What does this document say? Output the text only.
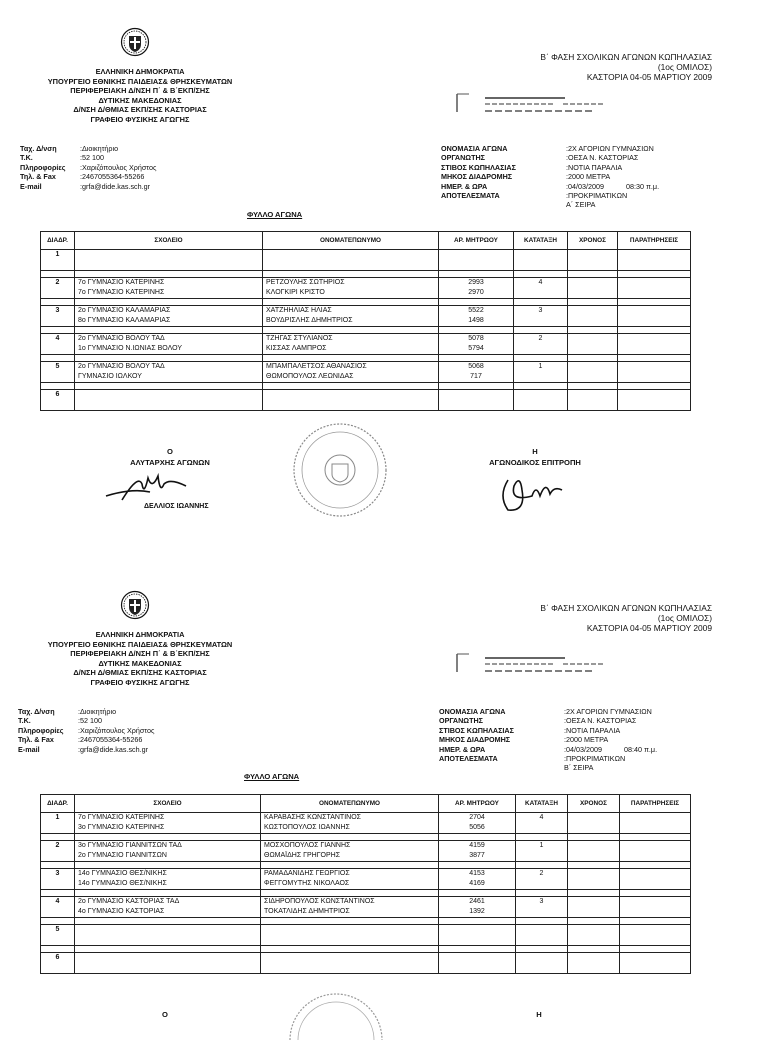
ΕΛΛΗΝΙΚΗ ΔΗΜΟΚΡΑΤΙΑ
ΥΠΟΥΡΓΕΙΟ ΕΘΝΙΚΗΣ ΠΑΙΔΕΙΑΣ& ΘΡΗΣΚΕΥΜΑΤΩΝ
ΠΕΡΙΦΕΡΕΙΑΚΗ Δ/ΝΣΗ Π΄ & Β΄ΕΚΠ/ΣΗΣ
ΔΥΤΙΚΗΣ ΜΑΚΕΔΟΝΙΑΣ
Δ/ΝΣΗ Δ/ΘΜΙΑΣ ΕΚΠ/ΣΗΣ ΚΑΣΤΟΡΙΑΣ
ΓΡΑΦΕΙΟ ΦΥΣΙΚΗΣ ΑΓΩΓΗΣ
Β΄ ΦΑΣΗ ΣΧΟΛΙΚΩΝ ΑΓΩΝΩΝ ΚΩΠΗΛΑΣΙΑΣ
(1ος ΟΜΙΛΟΣ)
ΚΑΣΤΟΡΙΑ 04-05 ΜΑΡΤΙΟΥ 2009
Ταχ. Δ/νση	:Διοικητήριο
Τ.Κ.	:52 100
Πληροφορίες	:Χαριζόπουλος Χρήστος
Τηλ. & Fax	:2467055364-55266
E-mail	:grfa@dide.kas.sch.gr
ΟΝΟΜΑΣΙΑ ΑΓΩΝΑ	:2Χ ΑΓΟΡΙΩΝ ΓΥΜΝΑΣΙΩΝ
ΟΡΓΑΝΩΤΗΣ	:ΟΕΣΑ Ν. ΚΑΣΤΟΡΙΑΣ
ΣΤΙΒΟΣ ΚΩΠΗΛΑΣΙΑΣ	:ΝΟΤΙΑ ΠΑΡΑΛΙΑ
ΜΗΚΟΣ ΔΙΑΔΡΟΜΗΣ	:2000 ΜΕΤΡΑ
ΗΜΕΡ. & ΩΡΑ	:04/03/2009	08:30 π.μ.
ΑΠΟΤΕΛΕΣΜΑΤΑ	:ΠΡΟΚΡΙΜΑΤΙΚΩΝ
Α΄ ΣΕΙΡΑ
ΦΥΛΛΟ ΑΓΩΝΑ
ΔΙΑΔΡ.	ΣΧΟΛΕΙΟ	ΟΝΟΜΑΤΕΠΩΝΥΜΟ	ΑΡ. ΜΗΤΡΩΟΥ	ΚΑΤΑΤΑΞΗ	ΧΡΟΝΟΣ	ΠΑΡΑΤΗΡΗΣΕΙΣ
1						

2	7ο ΓΥΜΝΑΣΙΟ ΚΑΤΕΡΙΝΗΣ	ΡΕΤΖΟΥΛΗΣ ΣΩΤΗΡΙΟΣ	2993	4		
	7ο ΓΥΜΝΑΣΙΟ ΚΑΤΕΡΙΝΗΣ	ΚΛΟΓΚΙΡΙ ΚΡΙΣΤΟ	2970			

3	2ο ΓΥΜΝΑΣΙΟ ΚΑΛΑΜΑΡΙΑΣ	ΧΑΤΖΗΗΛΙΑΣ ΗΛΙΑΣ	5522	3		
	8ο ΓΥΜΝΑΣΙΟ ΚΑΛΑΜΑΡΙΑΣ	ΒΟΥΔΡΙΣΛΗΣ ΔΗΜΗΤΡΙΟΣ	1498			

4	2ο ΓΥΜΝΑΣΙΟ ΒΟΛΟΥ ΤΑΔ	ΤΖΗΓΑΣ ΣΤΥΛΙΑΝΟΣ	5078	2		
	1ο ΓΥΜΝΑΣΙΟ Ν.ΙΩΝΙΑΣ ΒΟΛΟΥ	ΚΙΣΣΑΣ ΛΑΜΠΡΟΣ	5794			

5	2ο ΓΥΜΝΑΣΙΟ ΒΟΛΟΥ ΤΑΔ	ΜΠΑΜΠΑΛΕΤΣΟΣ ΑΘΑΝΑΣΙΟΣ	5068	1		
	ΓΥΜΝΑΣΙΟ ΙΩΛΚΟΥ	ΘΩΜΟΠΟΥΛΟΣ ΛΕΩΝΙΔΑΣ	717			

6						

Ο
ΑΛΥΤΑΡΧΗΣ ΑΓΩΝΩΝ
ΔΕΛΛΙΟΣ ΙΩΑΝΝΗΣ
Η
ΑΓΩΝΟΔΙΚΟΣ ΕΠΙΤΡΟΠΗ
ΕΛΛΗΝΙΚΗ ΔΗΜΟΚΡΑΤΙΑ
ΥΠΟΥΡΓΕΙΟ ΕΘΝΙΚΗΣ ΠΑΙΔΕΙΑΣ& ΘΡΗΣΚΕΥΜΑΤΩΝ
ΠΕΡΙΦΕΡΕΙΑΚΗ Δ/ΝΣΗ Π΄ & Β΄ΕΚΠ/ΣΗΣ
ΔΥΤΙΚΗΣ ΜΑΚΕΔΟΝΙΑΣ
Δ/ΝΣΗ Δ/ΘΜΙΑΣ ΕΚΠ/ΣΗΣ ΚΑΣΤΟΡΙΑΣ
ΓΡΑΦΕΙΟ ΦΥΣΙΚΗΣ ΑΓΩΓΗΣ
Β΄ ΦΑΣΗ ΣΧΟΛΙΚΩΝ ΑΓΩΝΩΝ ΚΩΠΗΛΑΣΙΑΣ
(1ος ΟΜΙΛΟΣ)
ΚΑΣΤΟΡΙΑ 04-05 ΜΑΡΤΙΟΥ 2009
Ταχ. Δ/νση	:Διοικητήριο
Τ.Κ.	:52 100
Πληροφορίες	:Χαριζόπουλος Χρήστος
Τηλ. & Fax	:2467055364-55266
E-mail	:grfa@dide.kas.sch.gr
ΟΝΟΜΑΣΙΑ ΑΓΩΝΑ	:2Χ ΑΓΟΡΙΩΝ ΓΥΜΝΑΣΙΩΝ
ΟΡΓΑΝΩΤΗΣ	:ΟΕΣΑ Ν. ΚΑΣΤΟΡΙΑΣ
ΣΤΙΒΟΣ ΚΩΠΗΛΑΣΙΑΣ	:ΝΟΤΙΑ ΠΑΡΑΛΙΑ
ΜΗΚΟΣ ΔΙΑΔΡΟΜΗΣ	:2000 ΜΕΤΡΑ
ΗΜΕΡ. & ΩΡΑ	:04/03/2009	08:40 π.μ.
ΑΠΟΤΕΛΕΣΜΑΤΑ	:ΠΡΟΚΡΙΜΑΤΙΚΩΝ
Β΄ ΣΕΙΡΑ
ΦΥΛΛΟ ΑΓΩΝΑ
ΔΙΑΔΡ.	ΣΧΟΛΕΙΟ	ΟΝΟΜΑΤΕΠΩΝΥΜΟ	ΑΡ. ΜΗΤΡΩΟΥ	ΚΑΤΑΤΑΞΗ	ΧΡΟΝΟΣ	ΠΑΡΑΤΗΡΗΣΕΙΣ
1	7ο ΓΥΜΝΑΣΙΟ ΚΑΤΕΡΙΝΗΣ	ΚΑΡΑΒΑΣΗΣ ΚΩΝΣΤΑΝΤΙΝΟΣ	2704	4		
	3ο ΓΥΜΝΑΣΙΟ ΚΑΤΕΡΙΝΗΣ	ΚΩΣΤΟΠΟΥΛΟΣ ΙΩΑΝΝΗΣ	5056			

2	3ο ΓΥΜΝΑΣΙΟ ΓΙΑΝΝΙΤΣΩΝ ΤΑΔ	ΜΟΣΧΟΠΟΥΛΟΣ ΓΙΑΝΝΗΣ	4159	1		
	2ο ΓΥΜΝΑΣΙΟ ΓΙΑΝΝΙΤΣΩΝ	ΘΩΜΑΪΔΗΣ ΓΡΗΓΟΡΗΣ	3877			

3	14ο ΓΥΜΝΑΣΙΟ ΘΕΣ/ΝΙΚΗΣ	ΡΑΜΑΔΑΝΙΔΗΣ ΓΕΩΡΓΙΟΣ	4153	2		
	14ο ΓΥΜΝΑΣΙΟ ΘΕΣ/ΝΙΚΗΣ	ΦΕΓΓΟΜΥΤΗΣ ΝΙΚΟΛΑΟΣ	4169			

4	2ο ΓΥΜΝΑΣΙΟ ΚΑΣΤΟΡΙΑΣ ΤΑΔ	ΣΙΔΗΡΟΠΟΥΛΟΣ ΚΩΝΣΤΑΝΤΙΝΟΣ	2461	3		
	4ο ΓΥΜΝΑΣΙΟ ΚΑΣΤΟΡΙΑΣ	ΤΟΚΑΤΛΙΔΗΣ ΔΗΜΗΤΡΙΟΣ	1392			

5						

6						

Ο	Η
